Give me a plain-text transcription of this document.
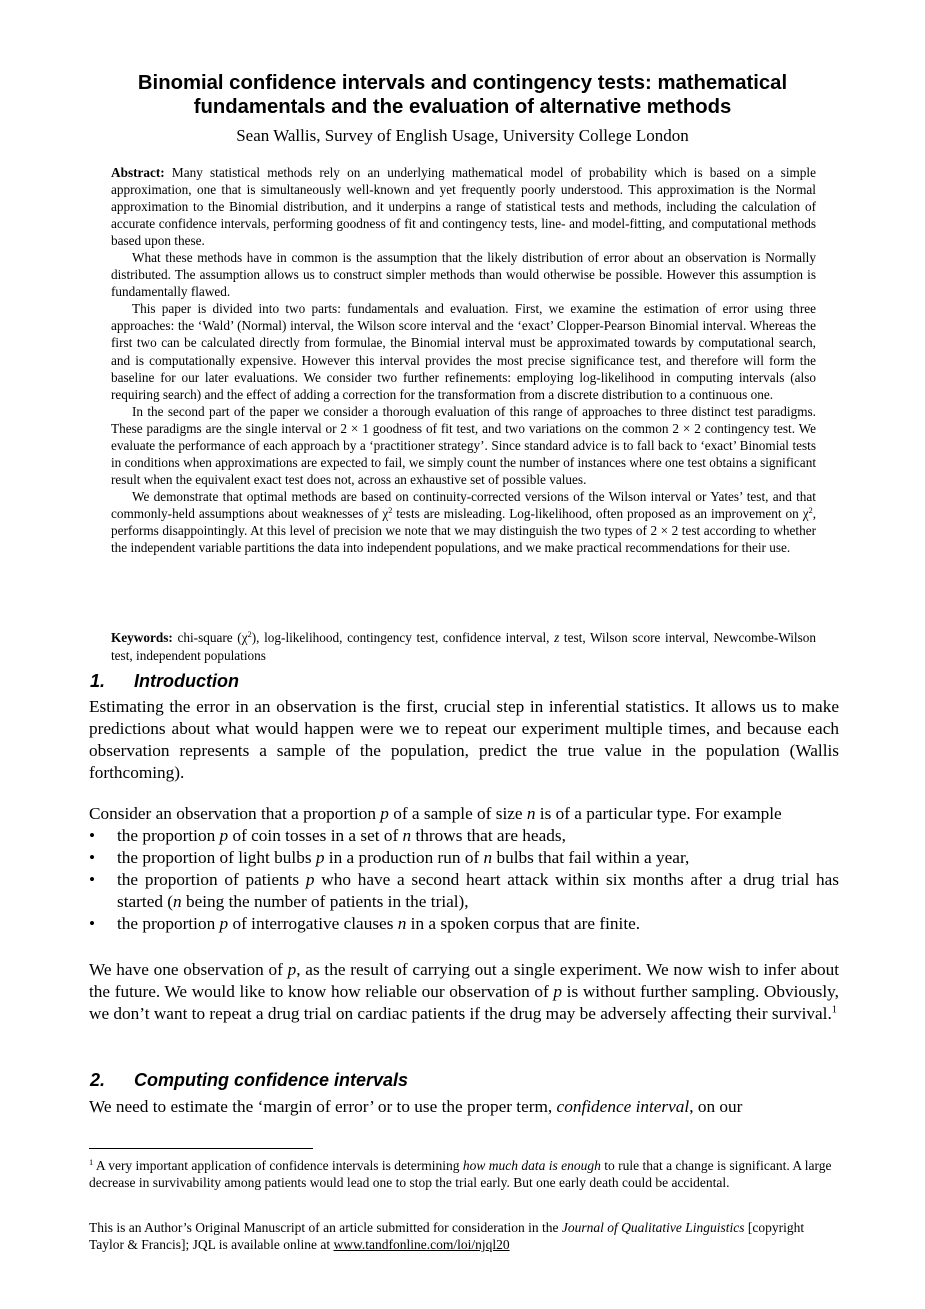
Binomial confidence intervals and contingency tests: mathematical
fundamentals and the evaluation of alternative methods
Sean Wallis, Survey of English Usage, University College London

Abstract: Many statistical methods rely on an underlying mathematical model of probability which is based on a simple approximation, one that is simultaneously well-known and yet frequently poorly understood. This approximation is the Normal approximation to the Binomial distribution, and it underpins a range of statistical tests and methods, including the calculation of accurate confidence intervals, performing goodness of fit and contingency tests, line- and model-fitting, and computational methods based upon these.

What these methods have in common is the assumption that the likely distribution of error about an observation is Normally distributed. The assumption allows us to construct simpler methods than would otherwise be possible. However this assumption is fundamentally flawed.

This paper is divided into two parts: fundamentals and evaluation. First, we examine the estimation of error using three approaches: the ‘Wald’ (Normal) interval, the Wilson score interval and the ‘exact’ Clopper-Pearson Binomial interval. Whereas the first two can be calculated directly from formulae, the Binomial interval must be approximated towards by computational search, and is computationally expensive. However this interval provides the most precise significance test, and therefore will form the baseline for our later evaluations. We consider two further refinements: employing log-likelihood in computing intervals (also requiring search) and the effect of adding a correction for the transformation from a discrete distribution to a continuous one.

In the second part of the paper we consider a thorough evaluation of this range of approaches to three distinct test paradigms. These paradigms are the single interval or 2 × 1 goodness of fit test, and two variations on the common 2 × 2 contingency test. We evaluate the performance of each approach by a ‘practitioner strategy’. Since standard advice is to fall back to ‘exact’ Binomial tests in conditions when approximations are expected to fail, we simply count the number of instances where one test obtains a significant result when the equivalent exact test does not, across an exhaustive set of possible values.

We demonstrate that optimal methods are based on continuity-corrected versions of the Wilson interval or Yates’ test, and that commonly-held assumptions about weaknesses of $\chi^2$ tests are misleading. Log-likelihood, often proposed as an improvement on $\chi^2$, performs disappointingly. At this level of precision we note that we may distinguish the two types of 2 × 2 test according to whether the independent variable partitions the data into independent populations, and we make practical recommendations for their use.

Keywords: chi-square $(\chi^2)$, log-likelihood, contingency test, confidence interval, z test, Wilson score interval, Newcombe-Wilson test, independent populations

1. Introduction

Estimating the error in an observation is the first, crucial step in inferential statistics. It allows us to make predictions about what would happen were we to repeat our experiment multiple times, and because each observation represents a sample of the population, predict the true value in the population (Wallis forthcoming).

Consider an observation that a proportion p of a sample of size n is of a particular type. For example

• the proportion p of coin tosses in a set of n throws that are heads,
• the proportion of light bulbs p in a production run of n bulbs that fail within a year,
• the proportion of patients p who have a second heart attack within six months after a drug trial has started (n being the number of patients in the trial),
• the proportion p of interrogative clauses n in a spoken corpus that are finite.

We have one observation of p, as the result of carrying out a single experiment. We now wish to infer about the future. We would like to know how reliable our observation of p is without further sampling. Obviously, we don’t want to repeat a drug trial on cardiac patients if the drug may be adversely affecting their survival.$^1$

2. Computing confidence intervals

We need to estimate the ‘margin of error’ or to use the proper term, confidence interval, on our

$^1$ A very important application of confidence intervals is determining how much data is enough to rule that a change is significant. A large decrease in survivability among patients would lead one to stop the trial early. But one early death could be accidental.
This is an Author’s Original Manuscript of an article submitted for consideration in the Journal of Qualitative Linguistics [copyright Taylor & Francis]; JQL is available online at www.tandfonline.com/loi/njql20
